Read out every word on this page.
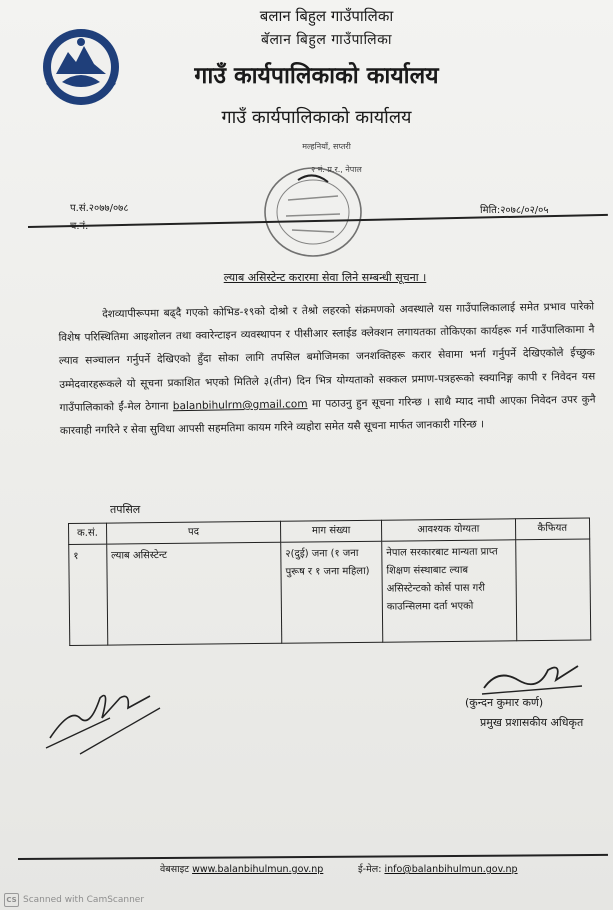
बलान बिहुल गाउँपालिका
बॅलान बिहुल गाउँपालिका
गाउँ कार्यपालिकाको कार्यालय
गाउँ कार्यपालिकाको कार्यालय
मल्हनियाँ, सप्तरी
२ नं. प्र.र., नेपाल
प.सं.२०७७/०७८
च.नं.
मिति:२०७८/०२/०५
ल्याब असिस्टेन्ट करारमा सेवा लिने सम्बन्धी सूचना ।
देशव्यापीरूपमा बढ्दै गएको कोभिड-१९को दोश्रो र तेश्रो लहरको संक्रमणको अवस्थाले यस गाउँपालिकालाई समेत प्रभाव पारेको विशेष परिस्थितिमा आइशोलन तथा क्वारेन्टाइन व्यवस्थापन र पीसीआर स्लाईड क्लेक्शन लगायतका तोकिएका कार्यहरू गर्न गाउँपालिकामा नै ल्याव सञ्चालन गर्नुपर्ने देखिएको हुँदा सोका लागि तपसिल बमोजिमका जनशक्तिहरू करार सेवामा भर्ना गर्नुपर्ने देखिएकोले ईच्छुक उम्मेदवारहरूकले यो सूचना प्रकाशित भएको मितिले ३(तीन) दिन भित्र योग्यताको सक्कल प्रमाण-पत्रहरूको स्क्यानिङ्ग कापी र निवेदन यस गाउँपालिकाको ईं-मेल ठेगाना balanbihulrm@gmail.com मा पठाउनु हुन सूचना गरिन्छ । साथै म्याद नाघी आएका निवेदन उपर कुनै कारवाही नगरिने र सेवा सुविधा आपसी सहमतिमा कायम गरिने व्यहोरा समेत यसै सूचना मार्फत जानकारी गरिन्छ ।
तपसिल
क.सं.	पद	माग संख्या	आवश्यक योग्यता	कैफियत
१	ल्याब असिस्टेन्ट	२(दुई) जना (१ जना पुरूष र १ जना महिला)	नेपाल सरकारबाट मान्यता प्राप्त शिक्षण संस्थाबाट ल्याब असिस्टेन्टको कोर्स पास गरी काउन्सिलमा दर्ता भएको	
(कुन्दन कुमार कर्ण)
प्रमुख प्रशासकीय अधिकृत
वेबसाइट www.balanbihulmun.gov.np	ई-मेल: info@balanbihulmun.gov.np
CS Scanned with CamScanner
